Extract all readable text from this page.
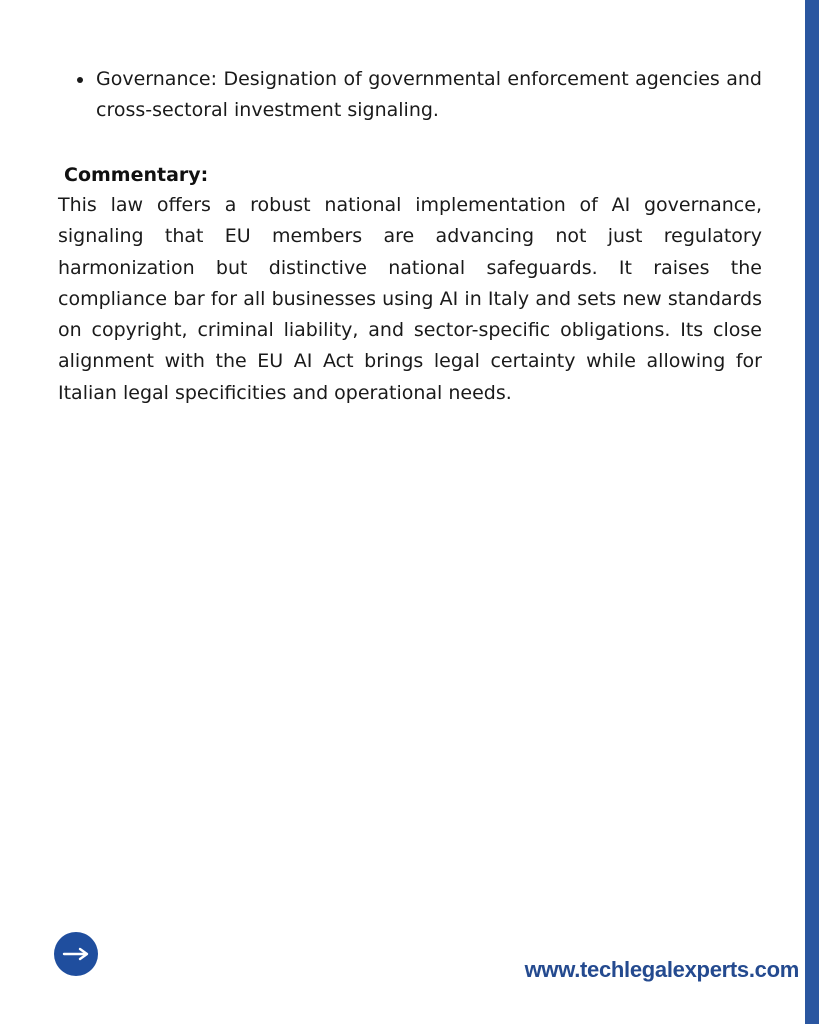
Governance: Designation of governmental enforcement agencies and cross-sectoral investment signaling.
Commentary:

This law offers a robust national implementation of AI governance, signaling that EU members are advancing not just regulatory harmonization but distinctive national safeguards. It raises the compliance bar for all businesses using AI in Italy and sets new standards on copyright, criminal liability, and sector-specific obligations. Its close alignment with the EU AI Act brings legal certainty while allowing for Italian legal specificities and operational needs.

www.techlegalexperts.com
